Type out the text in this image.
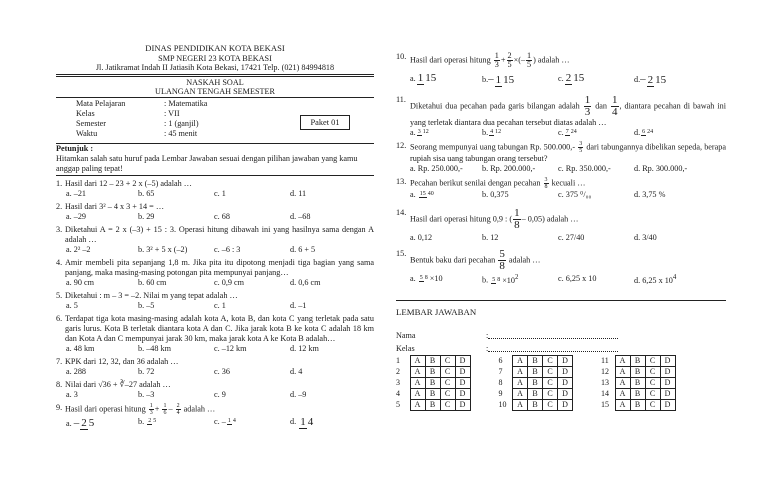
DINAS PENDIDIKAN KOTA BEKASI
SMP NEGERI 23 KOTA BEKASI
Jl. Jatikramat Indah II Jatiasih Kota Bekasi, 17421 Telp. (021) 84994818
NASKAH SOAL
ULANGAN TENGAH SEMESTER
Mata Pelajaran	: Matematika
Kelas	: VII
Semester	: 1 (ganjil)
Waktu	: 45 menit
Paket 01
Petunjuk :
Hitamkan salah satu huruf pada Lembar Jawaban sesuai dengan pilihan jawaban yang kamu anggap paling tepat!
1. Hasil dari 12 – 23 + 2 x (–5) adalah …
a. –21	b. 65	c. 1	d. 11
2. Hasil dari 3² – 4 x 3 + 14 = …
a. –29	b. 29	c. 68	d. –68
3. Diketahui A = 2 x (–3) + 15 : 3. Operasi hitung dibawah ini yang hasilnya sama dengan A adalah …
a. 2² –2	b. 3² + 5 x (–2)	c. –6 : 3	d. 6 + 5
4. Amir membeli pita sepanjang 1,8 m. Jika pita itu dipotong menjadi tiga bagian yang sama panjang, maka masing-masing potongan pita mempunyai panjang…
a. 90 cm	b. 60 cm	c. 0,9 cm	d. 0,6 cm
5. Diketahui : m – 3 = –2. Nilai m yang tepat adalah …
a. 5	b. –5	c. 1	d. –1
6. Terdapat tiga kota masing-masing adalah kota A, kota B, dan kota C yang terletak pada satu garis lurus. Kota B terletak diantara kota A dan C. Jika jarak kota B ke kota C adalah 18 km dan Kota A dan C mempunyai jarak 30 km, maka jarak kota A ke Kota B adalah…
a. 48 km	b. –48 km	c. –12 km	d. 12 km
7. KPK dari 12, 32, dan 36 adalah …
a. 288	b. 72	c. 36	d. 4
8. Nilai dari √36 + ∛–27 adalah …
a. 3	b. –3	c. 9	d. –9
9. Hasil dari operasi hitung $\frac{1}{3} + \frac{1}{6} - \frac{2}{4}$ adalah …
a. – 2 5	b. 2 5	c. – 1 4	d. 1 4
10. Hasil dari operasi hitung $\frac{1}{3} + \frac{2}{5}$ ×(– $\frac{1}{5}$ ) adalah …
a.1 15	b.– 1 15	c.2 15	d.– 2 15
11.
Diketahui dua pecahan pada garis bilangan adalah $\frac{1}{3}$ dan $\frac{1}{4}$ , diantara pecahan di bawah ini yang terletak diantara dua pecahan tersebut diatas adalah …
a.3 12	b.4 12	c.7 24	d.6 24
12. Seorang mempunyai uang tabungan Rp. $500.000,- \frac{3}{5}$ dari tabungannya dibelikan sepeda, berapa rupiah sisa uang tabungan orang tersebut?
a. Rp. 250.000,-	b. Rp. 200.000,-	c. Rp. 350.000,-	d. Rp. 300.000,-
13. Pecahan berikut senilai dengan pecahan $\frac{3}{8}$ kecuali …
a. 15 40	b. 0,375	c. 375 ⁰/₀₀	d. 3,75 %
14.
Hasil dari operasi hitung 0,9 : ( $\frac{1}{8} - 0,05$) adalah …
a. 0,12	b. 12	c. 27/40	d. 3/40
15.
Bentuk baku dari pecahan $\frac{5}{8}$ adalah …
a. 5 8 ×10	b. 5 $8 \times 10^2$	c. 6,25 x 10	d. 6,25 x $10^4$
LEMBAR JAWABAN
Nama	:
Kelas	:
1	A	B	C	D
2	A	B	C	D
3	A	B	C	D
4	A	B	C	D
5	A	B	C	D
6	A	B	C	D
7	A	B	C	D
8	A	B	C	D
9	A	B	C	D
10	A	B	C	D
11	A	B	C	D
12	A	B	C	D
13	A	B	C	D
14	A	B	C	D
15	A	B	C	D
